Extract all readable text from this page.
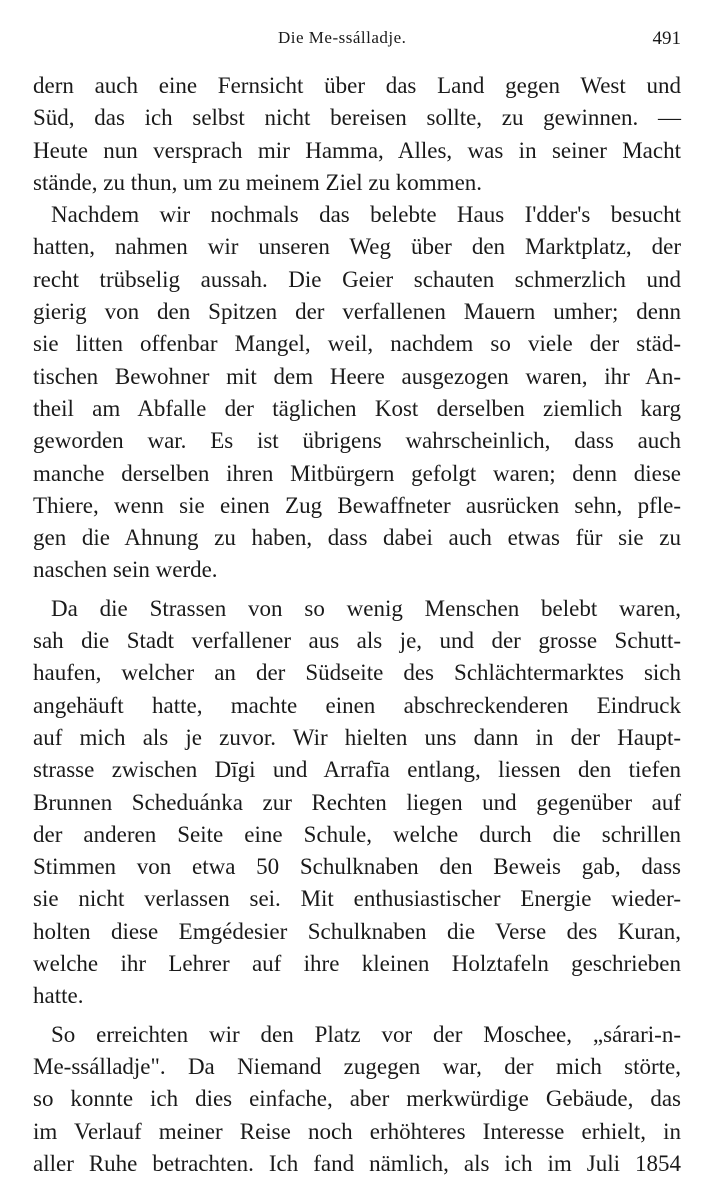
Die Me-ssálladje.	491
dern auch eine Fernsicht über das Land gegen West und
Süd, das ich selbst nicht bereisen sollte, zu gewinnen. —
Heute nun versprach mir Hamma, Alles, was in seiner Macht
stände, zu thun, um zu meinem Ziel zu kommen.
Nachdem wir nochmals das belebte Haus I'dder's besucht
hatten, nahmen wir unseren Weg über den Marktplatz, der
recht trübselig aussah. Die Geier schauten schmerzlich und
gierig von den Spitzen der verfallenen Mauern umher; denn
sie litten offenbar Mangel, weil, nachdem so viele der städ-
tischen Bewohner mit dem Heere ausgezogen waren, ihr An-
theil am Abfalle der täglichen Kost derselben ziemlich karg
geworden war. Es ist übrigens wahrscheinlich, dass auch
manche derselben ihren Mitbürgern gefolgt waren; denn diese
Thiere, wenn sie einen Zug Bewaffneter ausrücken sehn, pfle-
gen die Ahnung zu haben, dass dabei auch etwas für sie zu
naschen sein werde.
Da die Strassen von so wenig Menschen belebt waren,
sah die Stadt verfallener aus als je, und der grosse Schutt-
haufen, welcher an der Südseite des Schlächtermarktes sich
angehäuft hatte, machte einen abschreckenderen Eindruck
auf mich als je zuvor. Wir hielten uns dann in der Haupt-
strasse zwischen Dīgi und Arrafīa entlang, liessen den tiefen
Brunnen Scheduánka zur Rechten liegen und gegenüber auf
der anderen Seite eine Schule, welche durch die schrillen
Stimmen von etwa 50 Schulknaben den Beweis gab, dass
sie nicht verlassen sei. Mit enthusiastischer Energie wieder-
holten diese Emgédesier Schulknaben die Verse des Kuran,
welche ihr Lehrer auf ihre kleinen Holztafeln geschrieben
hatte.
So erreichten wir den Platz vor der Moschee, „sárari-n-
Me-ssálladje". Da Niemand zugegen war, der mich störte,
so konnte ich dies einfache, aber merkwürdige Gebäude, das
im Verlauf meiner Reise noch erhöhteres Interesse erhielt, in
aller Ruhe betrachten. Ich fand nämlich, als ich im Juli 1854
